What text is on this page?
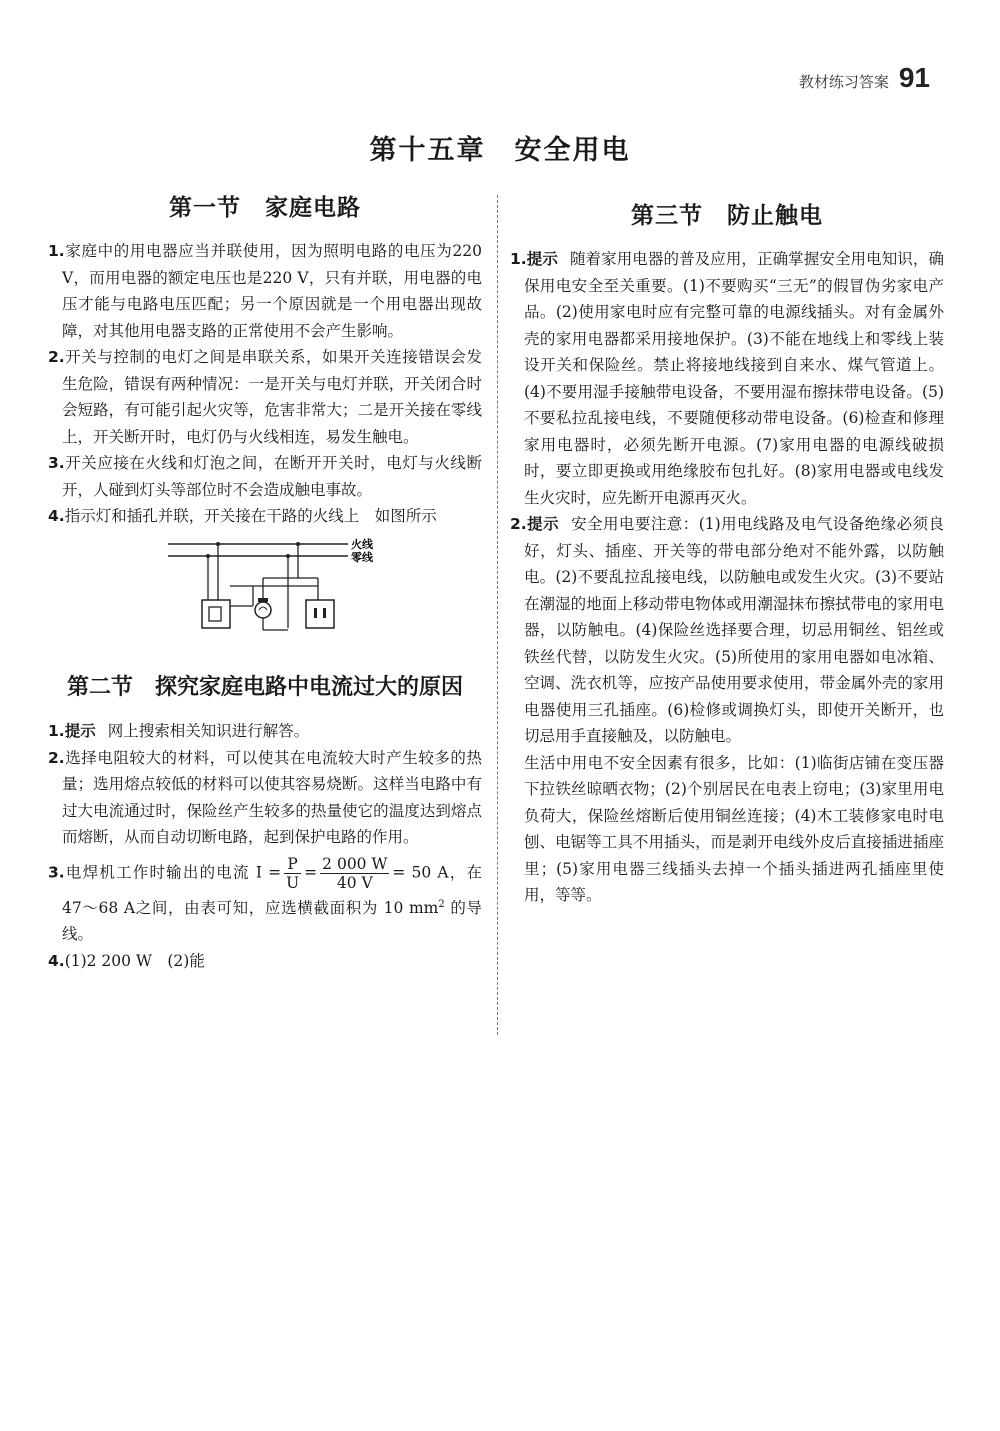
教材练习答案 91
第十五章　安全用电
第一节　家庭电路
1.家庭中的用电器应当并联使用，因为照明电路的电压为220 V，而用电器的额定电压也是220 V，只有并联，用电器的电压才能与电路电压匹配；另一个原因就是一个用电器出现故障，对其他用电器支路的正常使用不会产生影响。
2.开关与控制的电灯之间是串联关系，如果开关连接错误会发生危险，错误有两种情况：一是开关与电灯并联，开关闭合时会短路，有可能引起火灾等，危害非常大；二是开关接在零线上，开关断开时，电灯仍与火线相连，易发生触电。
3.开关应接在火线和灯泡之间，在断开开关时，电灯与火线断开，人碰到灯头等部位时不会造成触电事故。
4.指示灯和插孔并联，开关接在干路的火线上　如图所示
火线
零线
第二节　探究家庭电路中电流过大的原因
1.提示 网上搜索相关知识进行解答。
2.选择电阻较大的材料，可以使其在电流较大时产生较多的热量；选用熔点较低的材料可以使其容易烧断。这样当电路中有过大电流通过时，保险丝产生较多的热量使它的温度达到熔点而熔断，从而自动切断电路，起到保护电路的作用。
3.电焊机工作时输出的电流 $I = \frac{P}{U} = \frac{2 000 W}{40 V} = 50$ A，在 47～68 A之间，由表可知，应选横截面积为 10 $mm^2$ 的导线。
4.(1)2 200 W　(2)能
第三节　防止触电
1.提示 随着家用电器的普及应用，正确掌握安全用电知识，确保用电安全至关重要。(1)不要购买“三无”的假冒伪劣家电产品。(2)使用家电时应有完整可靠的电源线插头。对有金属外壳的家用电器都采用接地保护。(3)不能在地线上和零线上装设开关和保险丝。禁止将接地线接到自来水、煤气管道上。(4)不要用湿手接触带电设备，不要用湿布擦抹带电设备。(5)不要私拉乱接电线，不要随便移动带电设备。(6)检查和修理家用电器时，必须先断开电源。(7)家用电器的电源线破损时，要立即更换或用绝缘胶布包扎好。(8)家用电器或电线发生火灾时，应先断开电源再灭火。
2.提示 安全用电要注意：(1)用电线路及电气设备绝缘必须良好，灯头、插座、开关等的带电部分绝对不能外露，以防触电。(2)不要乱拉乱接电线，以防触电或发生火灾。(3)不要站在潮湿的地面上移动带电物体或用潮湿抹布擦拭带电的家用电器，以防触电。(4)保险丝选择要合理，切忌用铜丝、铝丝或铁丝代替，以防发生火灾。(5)所使用的家用电器如电冰箱、空调、洗衣机等，应按产品使用要求使用，带金属外壳的家用电器使用三孔插座。(6)检修或调换灯头，即使开关断开，也切忌用手直接触及，以防触电。
生活中用电不安全因素有很多，比如：(1)临街店铺在变压器下拉铁丝晾晒衣物；(2)个别居民在电表上窃电；(3)家里用电负荷大，保险丝熔断后使用铜丝连接；(4)木工装修家电时电刨、电锯等工具不用插头，而是剥开电线外皮后直接插进插座里；(5)家用电器三线插头去掉一个插头插进两孔插座里使用，等等。
